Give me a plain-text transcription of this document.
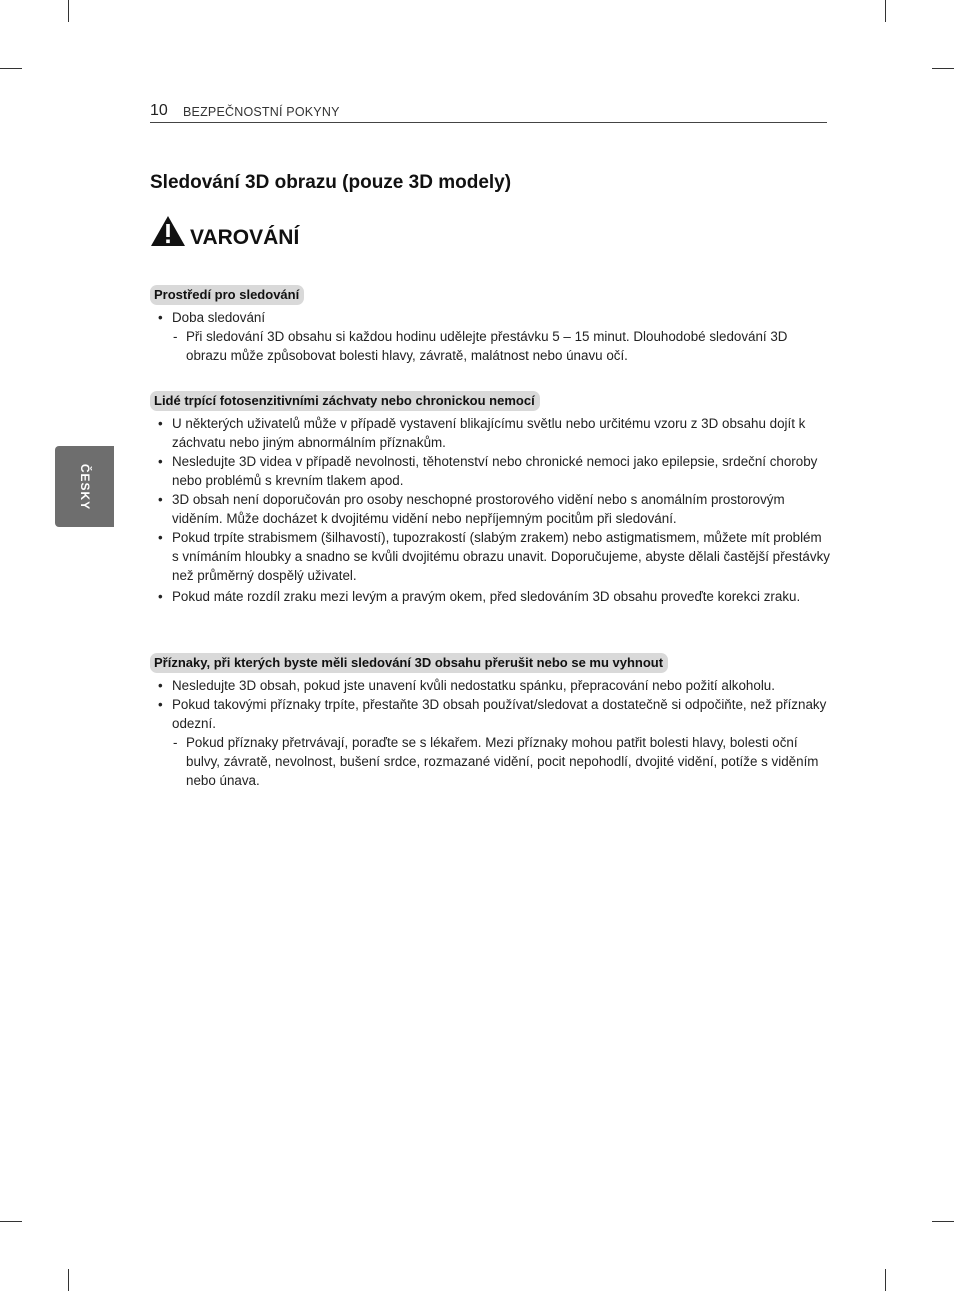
10 BEZPEČNOSTNÍ POKYNY
Sledování 3D obrazu (pouze 3D modely)
VAROVÁNÍ
ČESKY
Prostředí pro sledování
• Doba sledování
- Při sledování 3D obsahu si každou hodinu udělejte přestávku 5 – 15 minut. Dlouhodobé sledování 3D obrazu může způsobovat bolesti hlavy, závratě, malátnost nebo únavu očí.
Lidé trpící fotosenzitivními záchvaty nebo chronickou nemocí
• U některých uživatelů může v případě vystavení blikajícímu světlu nebo určitému vzoru z 3D obsahu dojít k záchvatu nebo jiným abnormálním příznakům.
• Nesledujte 3D videa v případě nevolnosti, těhotenství nebo chronické nemoci jako epilepsie, srdeční choroby nebo problémů s krevním tlakem apod.
• 3D obsah není doporučován pro osoby neschopné prostorového vidění nebo s anomálním prostorovým viděním. Může docházet k dvojitému vidění nebo nepříjemným pocitům při sledování.
• Pokud trpíte strabismem (šilhavostí), tupozrakostí (slabým zrakem) nebo astigmatismem, můžete mít problém s vnímáním hloubky a snadno se kvůli dvojitému obrazu unavit. Doporučujeme, abyste dělali častější přestávky než průměrný dospělý uživatel.
• Pokud máte rozdíl zraku mezi levým a pravým okem, před sledováním 3D obsahu proveďte korekci zraku.
Příznaky, při kterých byste měli sledování 3D obsahu přerušit nebo se mu vyhnout
• Nesledujte 3D obsah, pokud jste unavení kvůli nedostatku spánku, přepracování nebo požití alkoholu.
• Pokud takovými příznaky trpíte, přestaňte 3D obsah používat/sledovat a dostatečně si odpočiňte, než příznaky odezní.
- Pokud příznaky přetrvávají, poraďte se s lékařem. Mezi příznaky mohou patřit bolesti hlavy, bolesti oční bulvy, závratě, nevolnost, bušení srdce, rozmazané vidění, pocit nepohodlí, dvojité vidění, potíže s viděním nebo únava.
